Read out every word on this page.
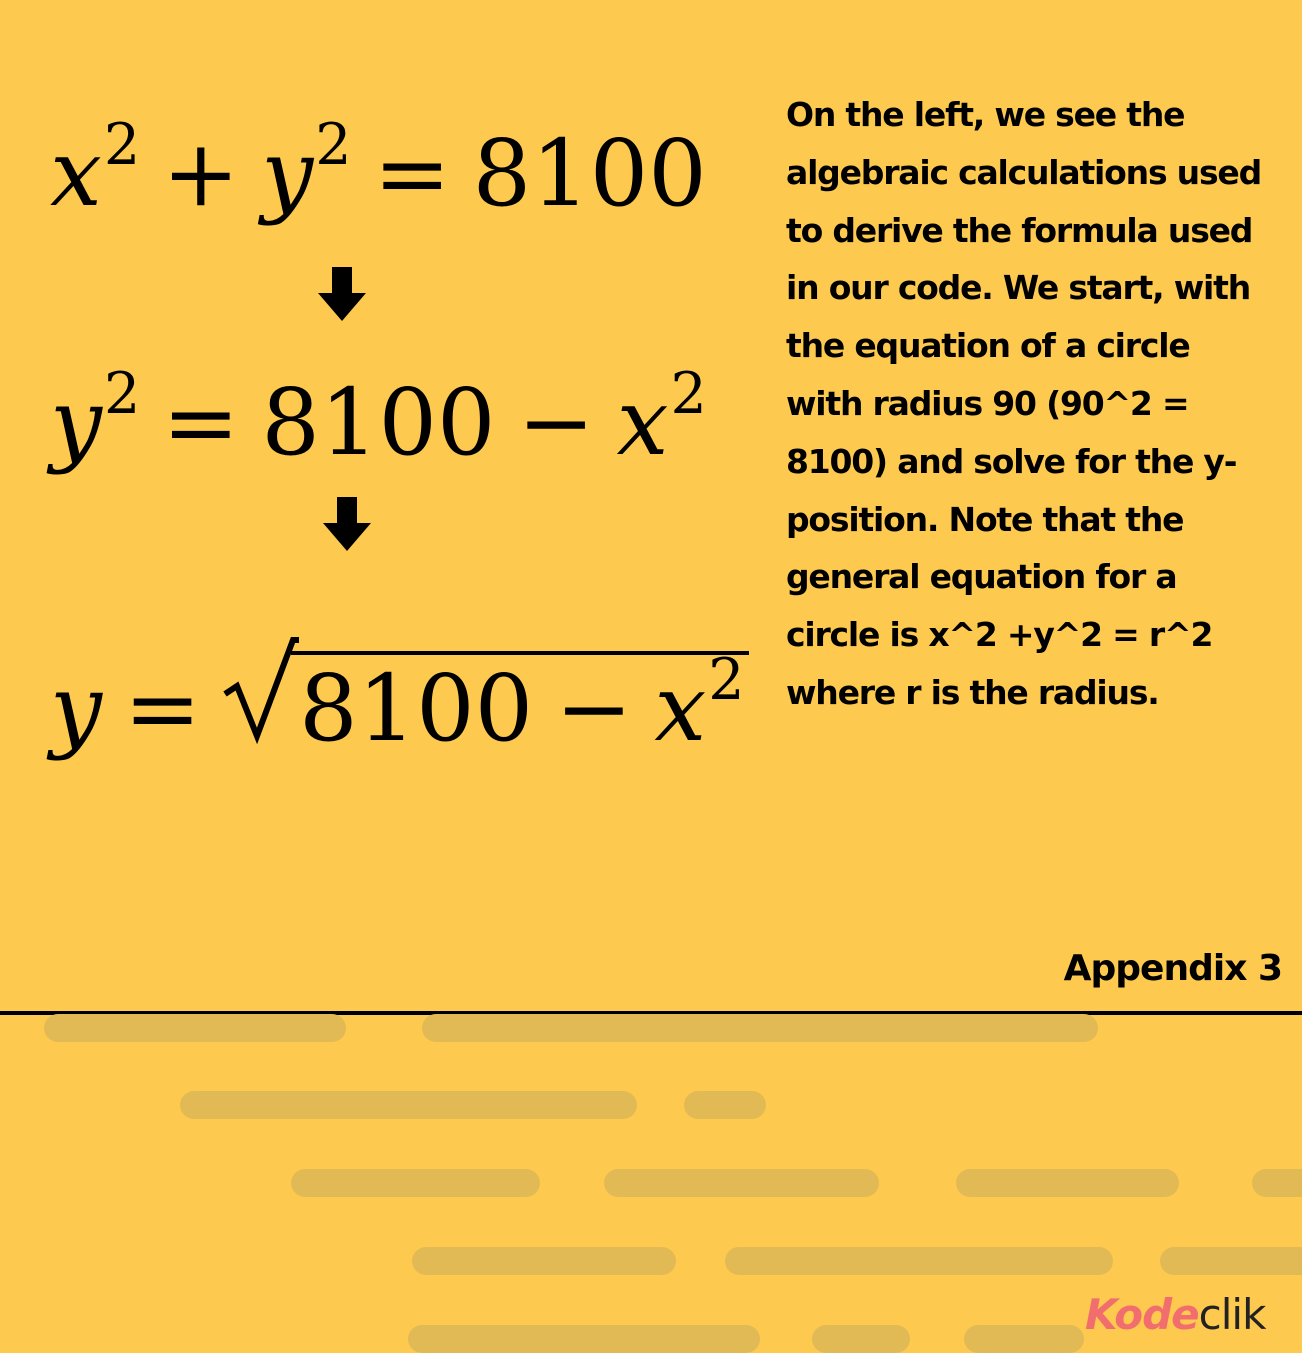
$x^2 + y^2 = 8100$
$y^2 = 8100 - x^2$
$y = 8100 - x^2$

On the left, we see the algebraic calculations used to derive the formula used in our code. We start, with the equation of a circle with radius 90 (90^2 = 8100) and solve for the y-position. Note that the general equation for a circle is x^2 +y^2 = r^2 where r is the radius.

Appendix 3
Kodeclik
